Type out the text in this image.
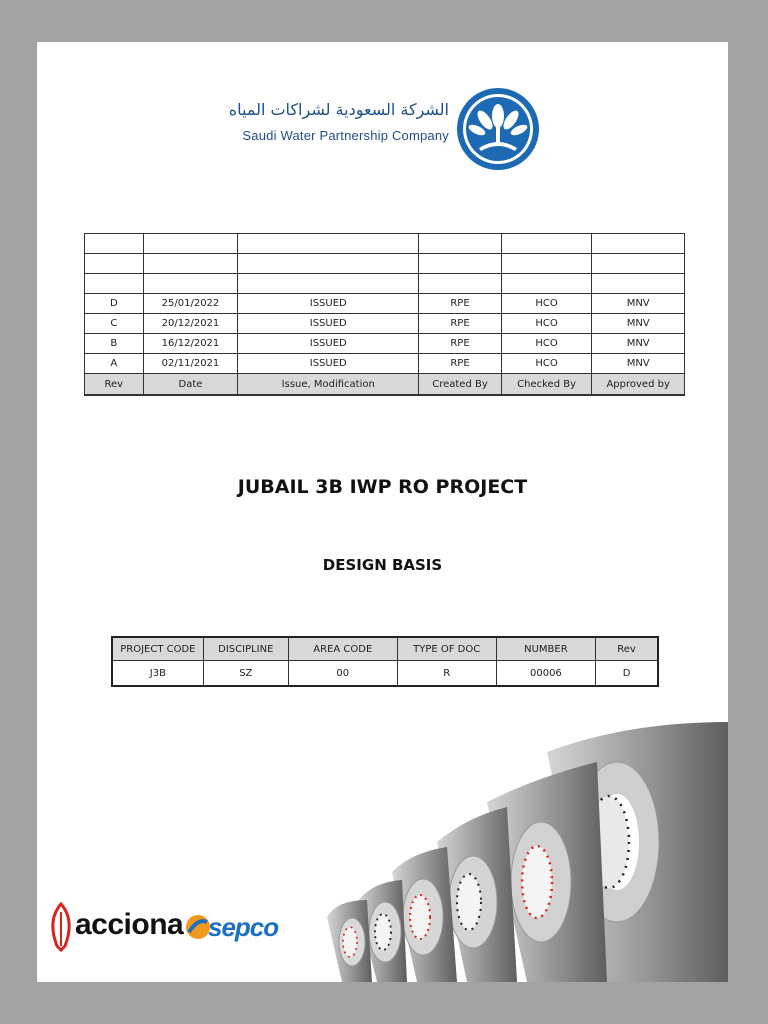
الشركة السعودية لشراكات المياه
Saudi Water Partnership Company

D	25/01/2022	ISSUED	RPE	HCO	MNV
C	20/12/2021	ISSUED	RPE	HCO	MNV
B	16/12/2021	ISSUED	RPE	HCO	MNV
A	02/11/2021	ISSUED	RPE	HCO	MNV
Rev	Date	Issue, Modification	Created By	Checked By	Approved by
JUBAIL 3B IWP RO PROJECT
DESIGN BASIS
PROJECT CODE	DISCIPLINE	AREA CODE	TYPE OF DOC	NUMBER	Rev
J3B	SZ	00	R	00006	D
acciona sepco
